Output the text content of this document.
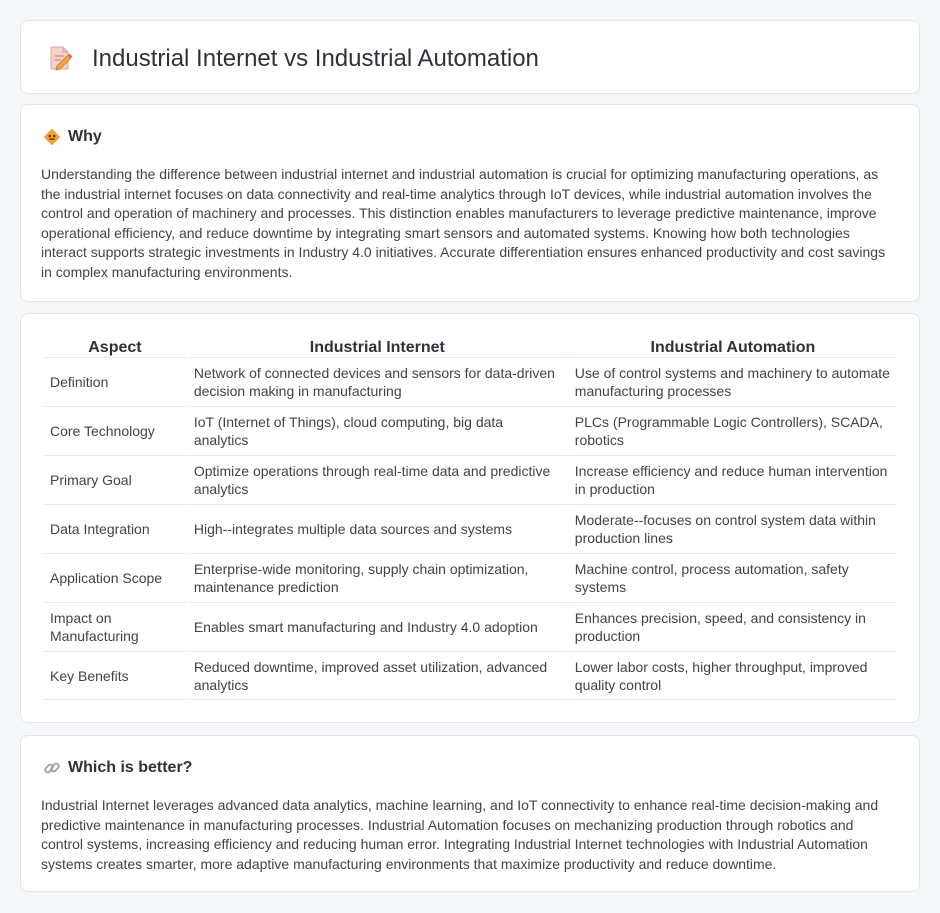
Industrial Internet vs Industrial Automation
Why

Understanding the difference between industrial internet and industrial automation is crucial for optimizing manufacturing operations, as the industrial internet focuses on data connectivity and real-time analytics through IoT devices, while industrial automation involves the control and operation of machinery and processes. This distinction enables manufacturers to leverage predictive maintenance, improve operational efficiency, and reduce downtime by integrating smart sensors and automated systems. Knowing how both technologies interact supports strategic investments in Industry 4.0 initiatives. Accurate differentiation ensures enhanced productivity and cost savings in complex manufacturing environments.

Aspect	Industrial Internet	Industrial Automation
Definition	Network of connected devices and sensors for data-driven decision making in manufacturing	Use of control systems and machinery to automate manufacturing processes
Core Technology	IoT (Internet of Things), cloud computing, big data analytics	PLCs (Programmable Logic Controllers), SCADA, robotics
Primary Goal	Optimize operations through real-time data and predictive analytics	Increase efficiency and reduce human intervention in production
Data Integration	High--integrates multiple data sources and systems	Moderate--focuses on control system data within production lines
Application Scope	Enterprise-wide monitoring, supply chain optimization, maintenance prediction	Machine control, process automation, safety systems
Impact on Manufacturing	Enables smart manufacturing and Industry 4.0 adoption	Enhances precision, speed, and consistency in production
Key Benefits	Reduced downtime, improved asset utilization, advanced analytics	Lower labor costs, higher throughput, improved quality control
Which is better?

Industrial Internet leverages advanced data analytics, machine learning, and IoT connectivity to enhance real-time decision-making and predictive maintenance in manufacturing processes. Industrial Automation focuses on mechanizing production through robotics and control systems, increasing efficiency and reducing human error. Integrating Industrial Internet technologies with Industrial Automation systems creates smarter, more adaptive manufacturing environments that maximize productivity and reduce downtime.
